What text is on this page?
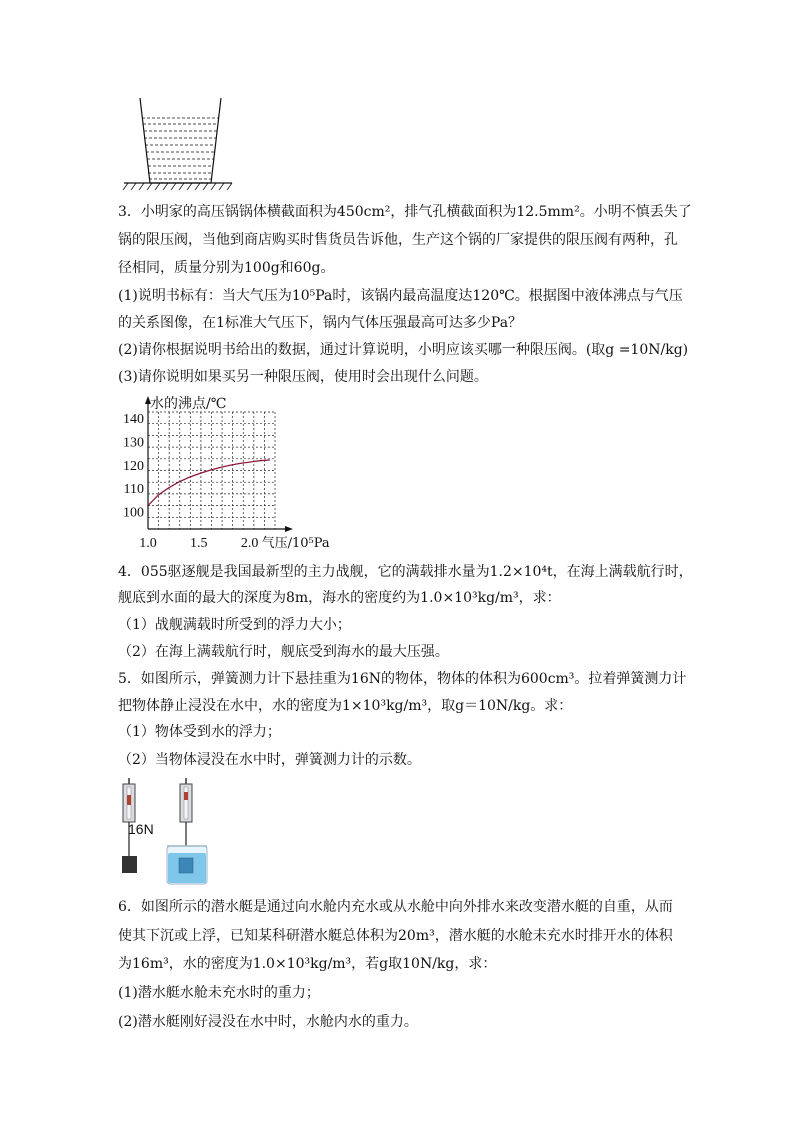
3．小明家的高压锅锅体横截面积为450cm²，排气孔横截面积为12.5mm²。小明不慎丢失了
锅的限压阀，当他到商店购买时售货员告诉他，生产这个锅的厂家提供的限压阀有两种，孔
径相同，质量分别为100g和60g。
(1)说明书标有：当大气压为10⁵Pa时，该锅内最高温度达120℃。根据图中液体沸点与气压
的关系图像，在1标准大气压下，锅内气体压强最高可达多少Pa？
(2)请你根据说明书给出的数据，通过计算说明，小明应该买哪一种限压阀。(取g =10N/kg)
(3)请你说明如果买另一种限压阀，使用时会出现什么问题。
100
110
120
130
140
1.0 1.5 2.0
水的沸点/℃
气压/10⁵Pa
4．055驱逐舰是我国最新型的主力战舰，它的满载排水量为1.2×10⁴t，在海上满载航行时，
舰底到水面的最大的深度为8m，海水的密度约为1.0×10³kg/m³，求：
（1）战舰满载时所受到的浮力大小；
（2）在海上满载航行时，舰底受到海水的最大压强。
5．如图所示，弹簧测力计下悬挂重为16N的物体，物体的体积为600cm³。拉着弹簧测力计
把物体静止浸没在水中，水的密度为1×10³kg/m³，取g＝10N/kg。求：
（1）物体受到水的浮力；
（2）当物体浸没在水中时，弹簧测力计的示数。
16N
6．如图所示的潜水艇是通过向水舱内充水或从水舱中向外排水来改变潜水艇的自重，从而
使其下沉或上浮，已知某科研潜水艇总体积为20m³，潜水艇的水舱未充水时排开水的体积
为16m³，水的密度为1.0×10³kg/m³，若g取10N/kg，求：
(1)潜水艇水舱未充水时的重力；
(2)潜水艇刚好浸没在水中时，水舱内水的重力。
